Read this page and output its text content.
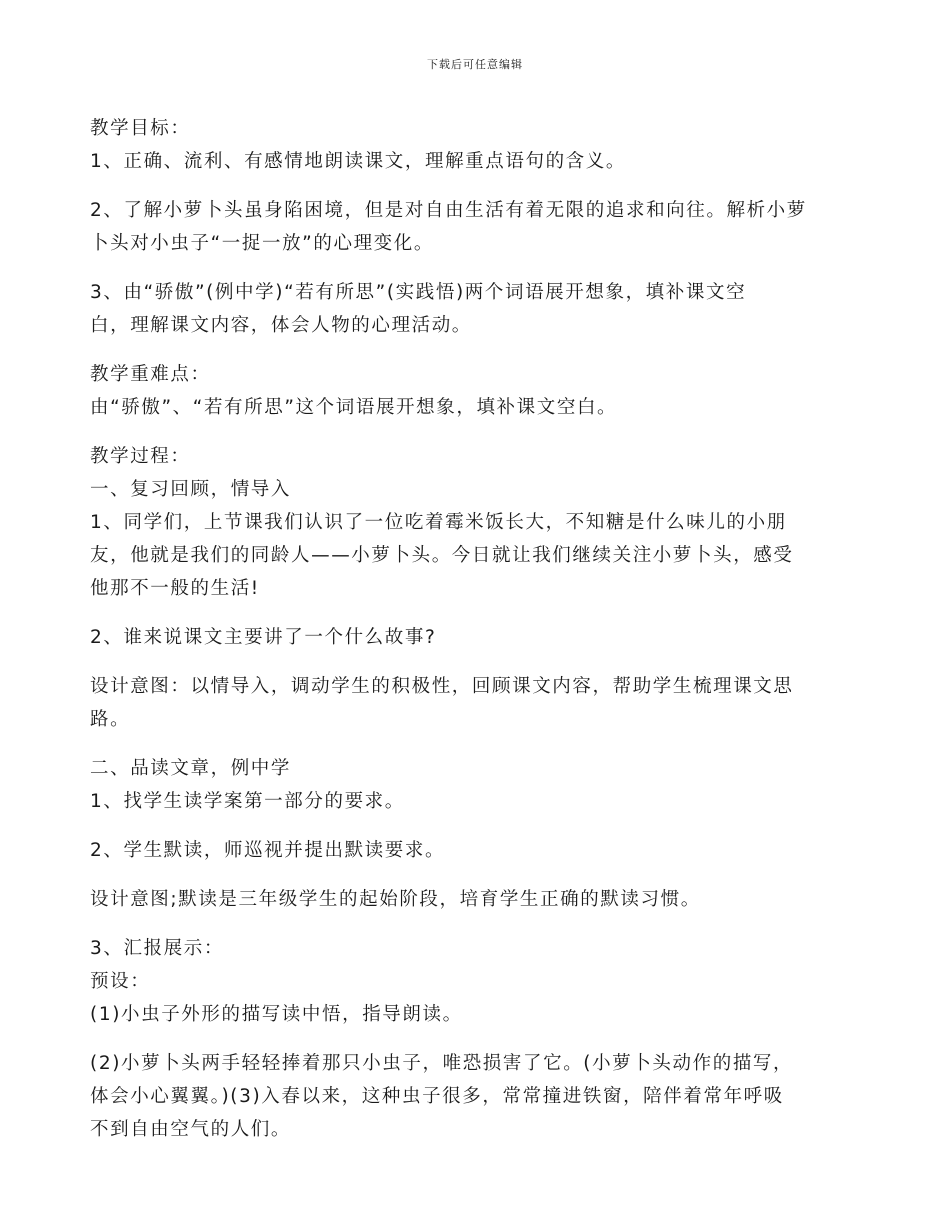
下载后可任意编辑
教学目标：
1、正确、流利、有感情地朗读课文，理解重点语句的含义。
2、了解小萝卜头虽身陷困境，但是对自由生活有着无限的追求和向往。解析小萝
卜头对小虫子“一捉一放”的心理变化。
3、由“骄傲”(例中学)“若有所思”(实践悟)两个词语展开想象，填补课文空
白，理解课文内容，体会人物的心理活动。
教学重难点：
由“骄傲”、“若有所思”这个词语展开想象，填补课文空白。
教学过程：
一、复习回顾，情导入
1、同学们，上节课我们认识了一位吃着霉米饭长大，不知糖是什么味儿的小朋
友，他就是我们的同龄人——小萝卜头。今日就让我们继续关注小萝卜头，感受
他那不一般的生活!
2、谁来说课文主要讲了一个什么故事?
设计意图：以情导入，调动学生的积极性，回顾课文内容，帮助学生梳理课文思
路。
二、品读文章，例中学
1、找学生读学案第一部分的要求。
2、学生默读，师巡视并提出默读要求。
设计意图;默读是三年级学生的起始阶段，培育学生正确的默读习惯。
3、汇报展示：
预设：
(1)小虫子外形的描写读中悟，指导朗读。
(2)小萝卜头两手轻轻捧着那只小虫子，唯恐损害了它。(小萝卜头动作的描写，
体会小心翼翼。)(3)入春以来，这种虫子很多，常常撞进铁窗，陪伴着常年呼吸
不到自由空气的人们。
